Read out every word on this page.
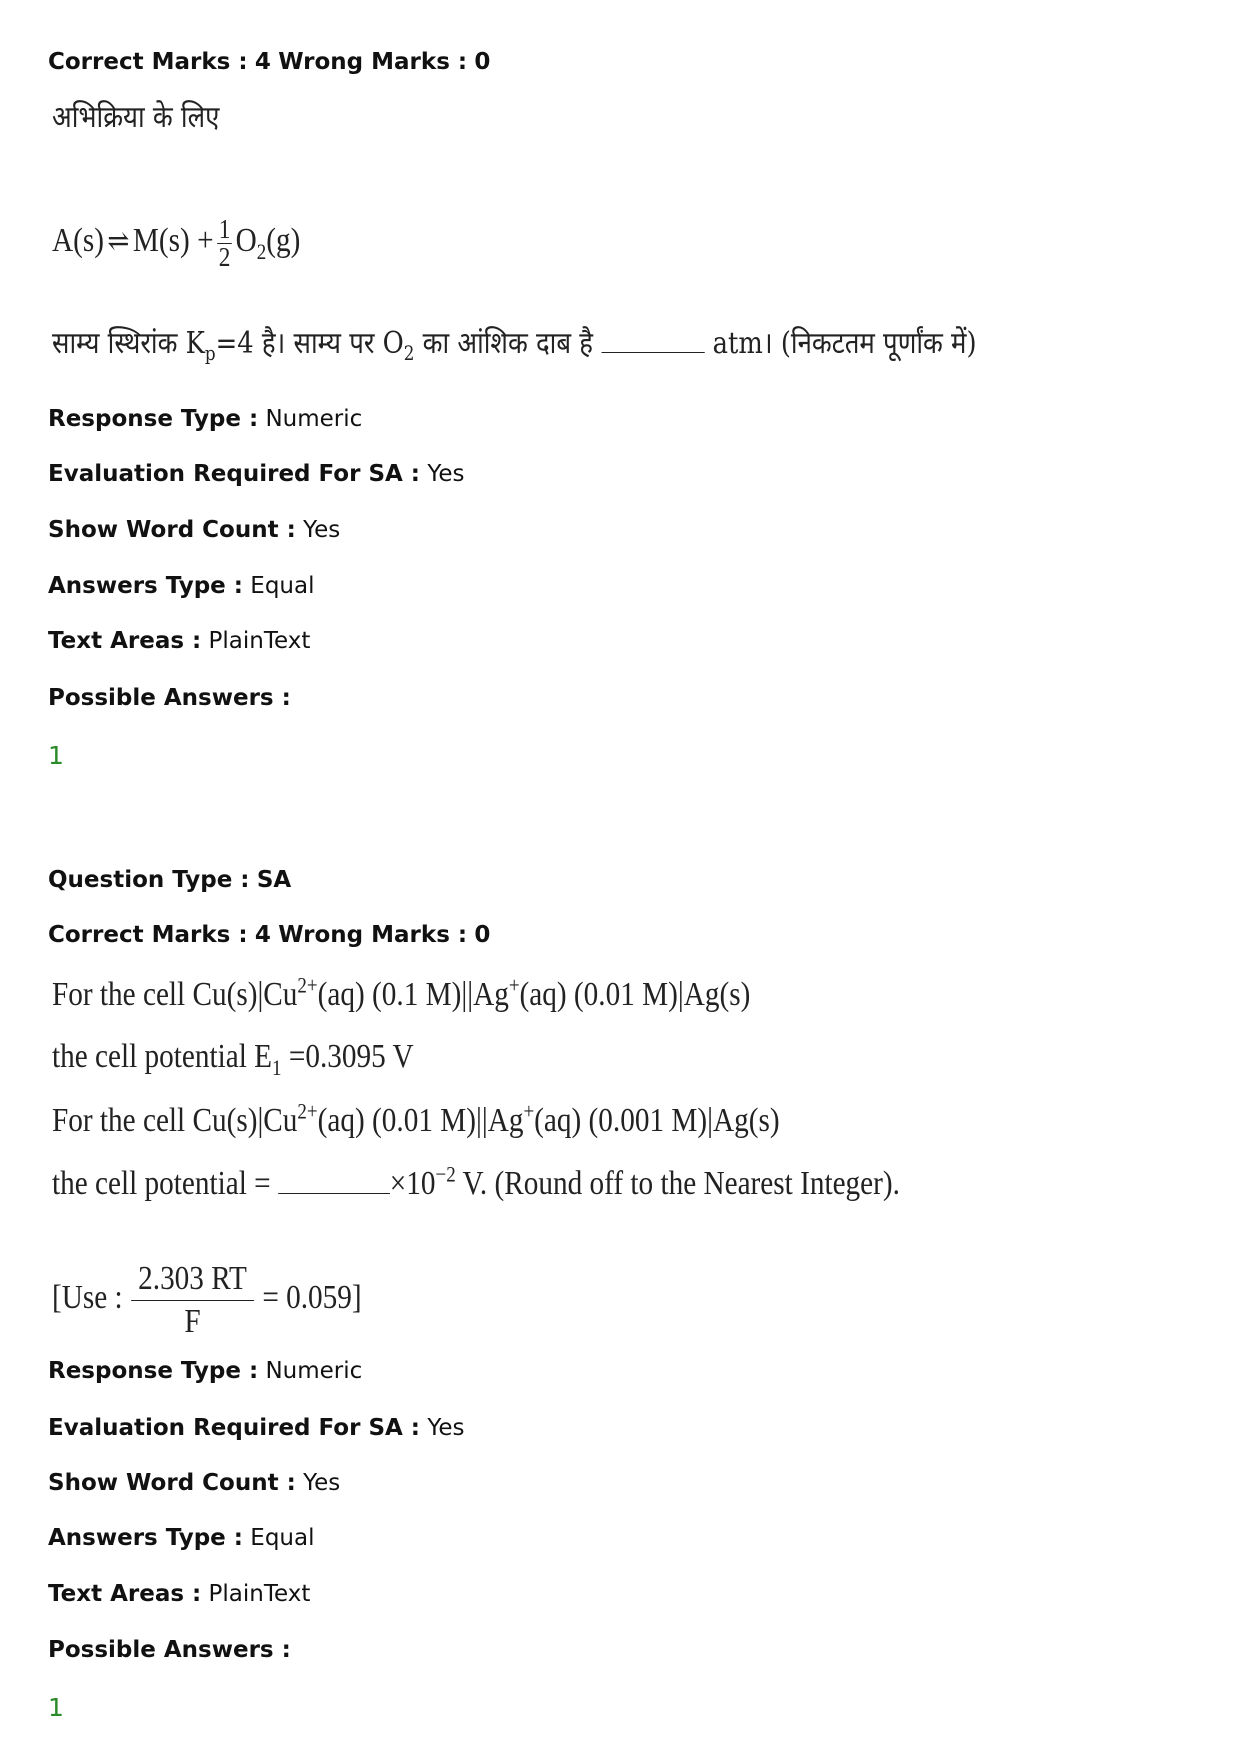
Correct Marks : 4 Wrong Marks : 0
अभिक्रिया के लिए
A(s) ⇌ $M(s) + \frac{1}{2} O_2(g)$
साम्य स्थिरांक $K_p=4$ है। साम्य पर $O_2$ का आंशिक दाब है	atm। (निकटतम पूर्णांक में)
Response Type : Numeric
Evaluation Required For SA : Yes
Show Word Count : Yes
Answers Type : Equal
Text Areas : PlainText
Possible Answers :
1
Question Type : SA
Correct Marks : 4 Wrong Marks : 0
For the cell $Cu(s)|Cu^{2+}(aq)$ (0.1 M)||Ag+(aq) (0.01 M)|Ag(s)
the cell potential $E_1 =0.3095$ V
For the cell $Cu(s)|Cu^{2+}(aq)$ (0.01 M)||Ag+(aq) (0.001 M)|Ag(s)
the cell potential =	$\times 10^{-2}$ V. (Round off to the Nearest Integer).
[Use : $\frac{2.303 RT}{F} = 0.059$]
Response Type : Numeric
Evaluation Required For SA : Yes
Show Word Count : Yes
Answers Type : Equal
Text Areas : PlainText
Possible Answers :
1
